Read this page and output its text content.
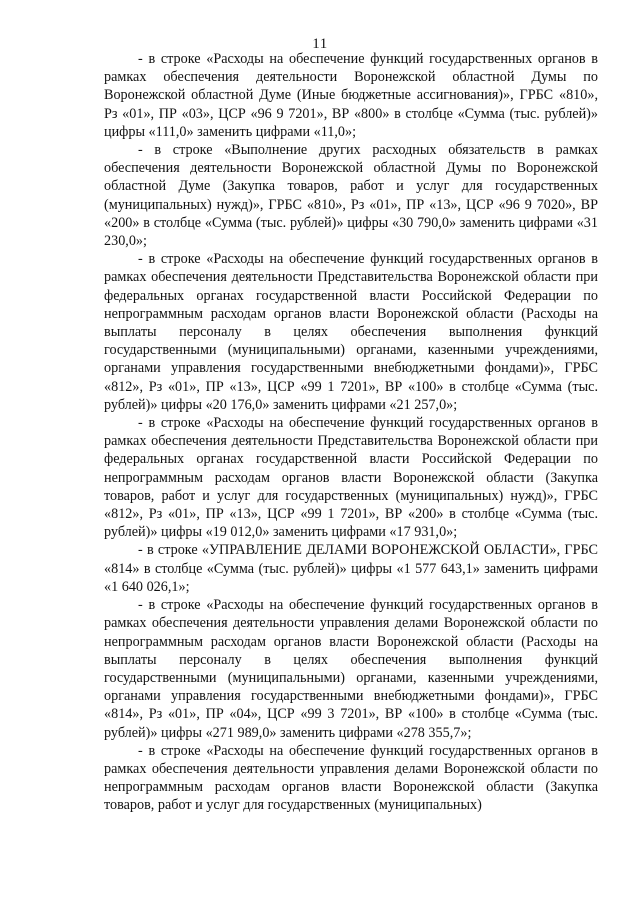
11

- в строке «Расходы на обеспечение функций государственных органов в рамках обеспечения деятельности Воронежской областной Думы по Воронежской областной Думе (Иные бюджетные ассигнования)», ГРБС «810», Рз «01», ПР «03», ЦСР «96 9 7201», ВР «800» в столбце «Сумма (тыс. рублей)» цифры «111,0» заменить цифрами «11,0»;

- в строке «Выполнение других расходных обязательств в рамках обеспечения деятельности Воронежской областной Думы по Воронежской областной Думе (Закупка товаров, работ и услуг для государственных (муниципальных) нужд)», ГРБС «810», Рз «01», ПР «13», ЦСР «96 9 7020», ВР «200» в столбце «Сумма (тыс. рублей)» цифры «30 790,0» заменить цифрами «31 230,0»;

- в строке «Расходы на обеспечение функций государственных органов в рамках обеспечения деятельности Представительства Воронежской области при федеральных органах государственной власти Российской Федерации по непрограммным расходам органов власти Воронежской области (Расходы на выплаты персоналу в целях обеспечения выполнения функций государственными (муниципальными) органами, казенными учреждениями, органами управления государственными внебюджетными фондами)», ГРБС «812», Рз «01», ПР «13», ЦСР «99 1 7201», ВР «100» в столбце «Сумма (тыс. рублей)» цифры «20 176,0» заменить цифрами «21 257,0»;

- в строке «Расходы на обеспечение функций государственных органов в рамках обеспечения деятельности Представительства Воронежской области при федеральных органах государственной власти Российской Федерации по непрограммным расходам органов власти Воронежской области (Закупка товаров, работ и услуг для государственных (муниципальных) нужд)», ГРБС «812», Рз «01», ПР «13», ЦСР «99 1 7201», ВР «200» в столбце «Сумма (тыс. рублей)» цифры «19 012,0» заменить цифрами «17 931,0»;

- в строке «УПРАВЛЕНИЕ ДЕЛАМИ ВОРОНЕЖСКОЙ ОБЛАСТИ», ГРБС «814» в столбце «Сумма (тыс. рублей)» цифры «1 577 643,1» заменить цифрами «1 640 026,1»;

- в строке «Расходы на обеспечение функций государственных органов в рамках обеспечения деятельности управления делами Воронежской области по непрограммным расходам органов власти Воронежской области (Расходы на выплаты персоналу в целях обеспечения выполнения функций государственными (муниципальными) органами, казенными учреждениями, органами управления государственными внебюджетными фондами)», ГРБС «814», Рз «01», ПР «04», ЦСР «99 3 7201», ВР «100» в столбце «Сумма (тыс. рублей)» цифры «271 989,0» заменить цифрами «278 355,7»;

- в строке «Расходы на обеспечение функций государственных органов в рамках обеспечения деятельности управления делами Воронежской области по непрограммным расходам органов власти Воронежской области (Закупка товаров, работ и услуг для государственных (муниципальных)
